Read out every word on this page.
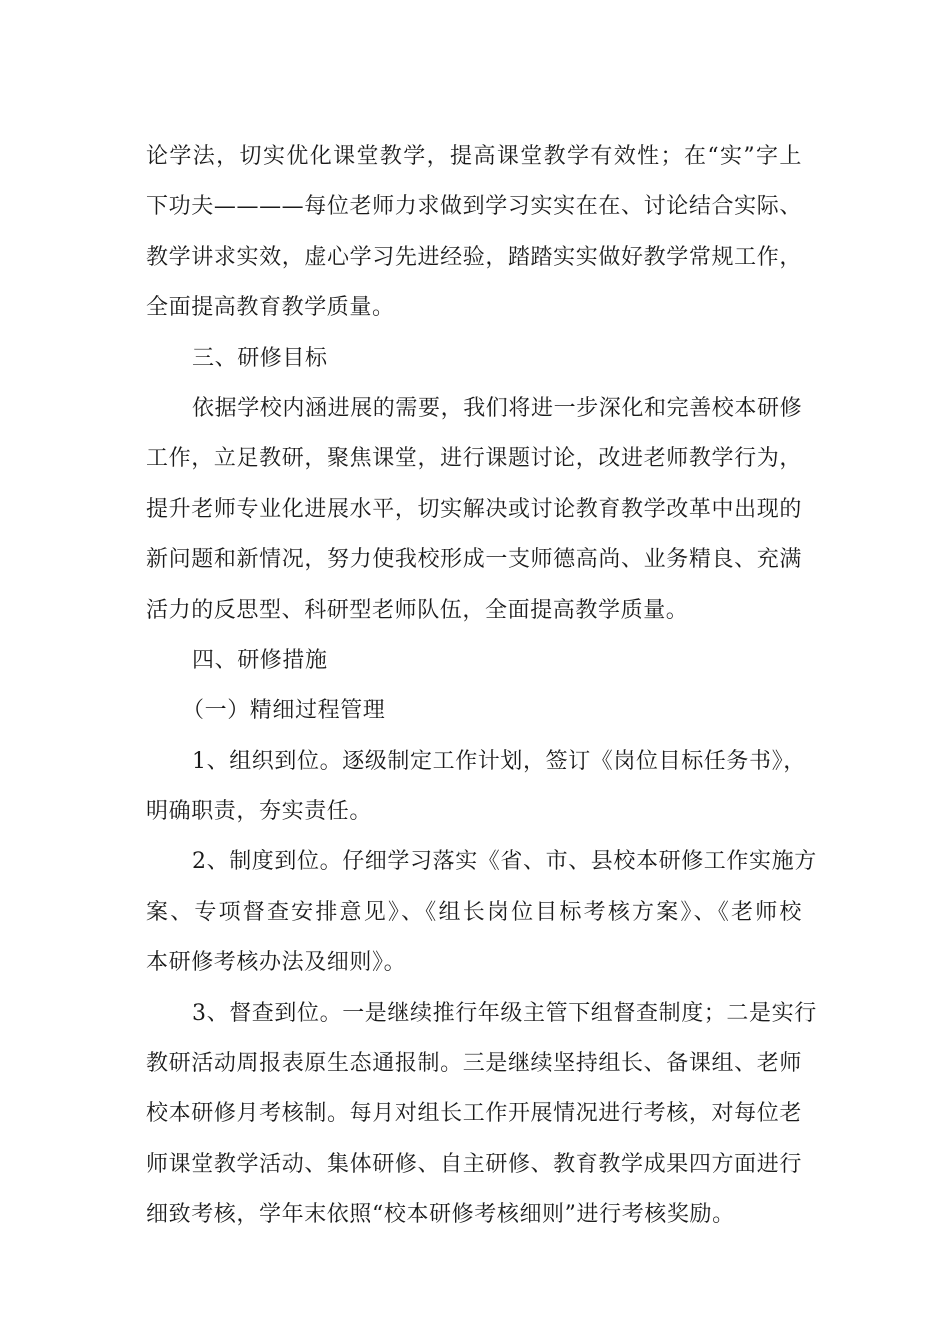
论学法，切实优化课堂教学，提高课堂教学有效性；在“实”字上
下功夫————每位老师力求做到学习实实在在、讨论结合实际、
教学讲求实效，虚心学习先进经验，踏踏实实做好教学常规工作，
全面提高教育教学质量。
三、研修目标
依据学校内涵进展的需要，我们将进一步深化和完善校本研修
工作，立足教研，聚焦课堂，进行课题讨论，改进老师教学行为，
提升老师专业化进展水平，切实解决或讨论教育教学改革中出现的
新问题和新情况，努力使我校形成一支师德高尚、业务精良、充满
活力的反思型、科研型老师队伍，全面提高教学质量。
四、研修措施
（一）精细过程管理
1、组织到位。逐级制定工作计划，签订《岗位目标任务书》，
明确职责，夯实责任。
2、制度到位。仔细学习落实《省、市、县校本研修工作实施方
案、专项督查安排意见》、《组长岗位目标考核方案》、《老师校
本研修考核办法及细则》。
3、督查到位。一是继续推行年级主管下组督查制度；二是实行
教研活动周报表原生态通报制。三是继续坚持组长、备课组、老师
校本研修月考核制。每月对组长工作开展情况进行考核，对每位老
师课堂教学活动、集体研修、自主研修、教育教学成果四方面进行
细致考核，学年末依照“校本研修考核细则”进行考核奖励。
